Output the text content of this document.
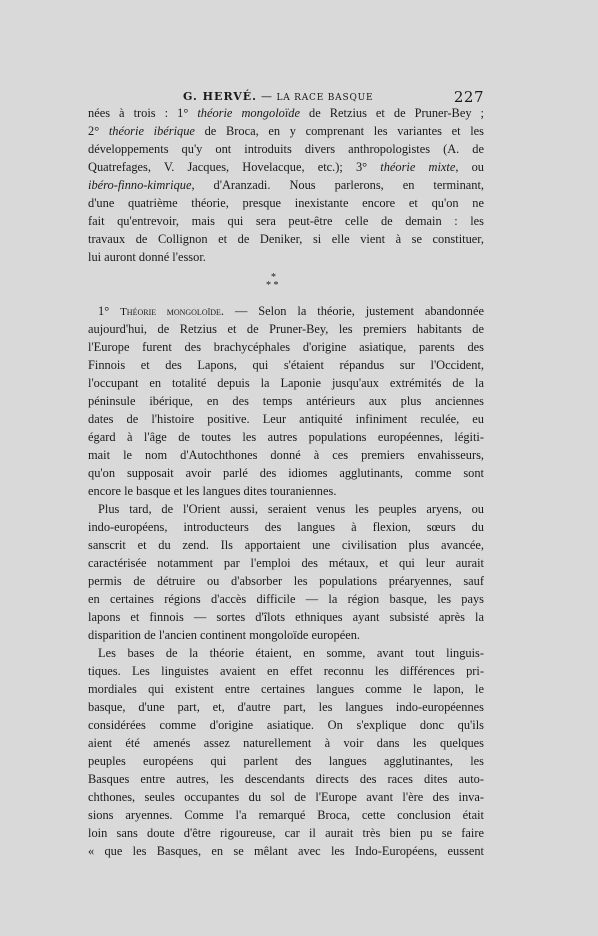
G. HERVÉ. — LA RACE BASQUE	227
nées à trois : 1° théorie mongoloïde de Retzius et de Pruner-Bey ;
2° théorie ibérique de Broca, en y comprenant les variantes et les
développements qu'y ont introduits divers anthropologistes (A. de
Quatrefages, V. Jacques, Hovelacque, etc.); 3° théorie mixte, ou
ibéro-finno-kimrique, d'Aranzadi. Nous parlerons, en terminant,
d'une quatrième théorie, presque inexistante encore et qu'on ne
fait qu'entrevoir, mais qui sera peut-être celle de demain : les
travaux de Collignon et de Deniker, si elle vient à se constituer,
lui auront donné l'essor.
*
* *
1° Théorie mongoloïde. — Selon la théorie, justement abandonnée
aujourd'hui, de Retzius et de Pruner-Bey, les premiers habitants de
l'Europe furent des brachycéphales d'origine asiatique, parents des
Finnois et des Lapons, qui s'étaient répandus sur l'Occident,
l'occupant en totalité depuis la Laponie jusqu'aux extrémités de la
péninsule ibérique, en des temps antérieurs aux plus anciennes
dates de l'histoire positive. Leur antiquité infiniment reculée, eu
égard à l'âge de toutes les autres populations européennes, légiti-
mait le nom d'Autochthones donné à ces premiers envahisseurs,
qu'on supposait avoir parlé des idiomes agglutinants, comme sont
encore le basque et les langues dites touraniennes.
Plus tard, de l'Orient aussi, seraient venus les peuples aryens, ou
indo-européens, introducteurs des langues à flexion, sœurs du
sanscrit et du zend. Ils apportaient une civilisation plus avancée,
caractérisée notamment par l'emploi des métaux, et qui leur aurait
permis de détruire ou d'absorber les populations préaryennes, sauf
en certaines régions d'accès difficile — la région basque, les pays
lapons et finnois — sortes d'îlots ethniques ayant subsisté après la
disparition de l'ancien continent mongoloïde européen.
Les bases de la théorie étaient, en somme, avant tout linguis-
tiques. Les linguistes avaient en effet reconnu les différences pri-
mordiales qui existent entre certaines langues comme le lapon, le
basque, d'une part, et, d'autre part, les langues indo-européennes
considérées comme d'origine asiatique. On s'explique donc qu'ils
aient été amenés assez naturellement à voir dans les quelques
peuples européens qui parlent des langues agglutinantes, les
Basques entre autres, les descendants directs des races dites auto-
chthones, seules occupantes du sol de l'Europe avant l'ère des inva-
sions aryennes. Comme l'a remarqué Broca, cette conclusion était
loin sans doute d'être rigoureuse, car il aurait très bien pu se faire
« que les Basques, en se mêlant avec les Indo-Européens, eussent
